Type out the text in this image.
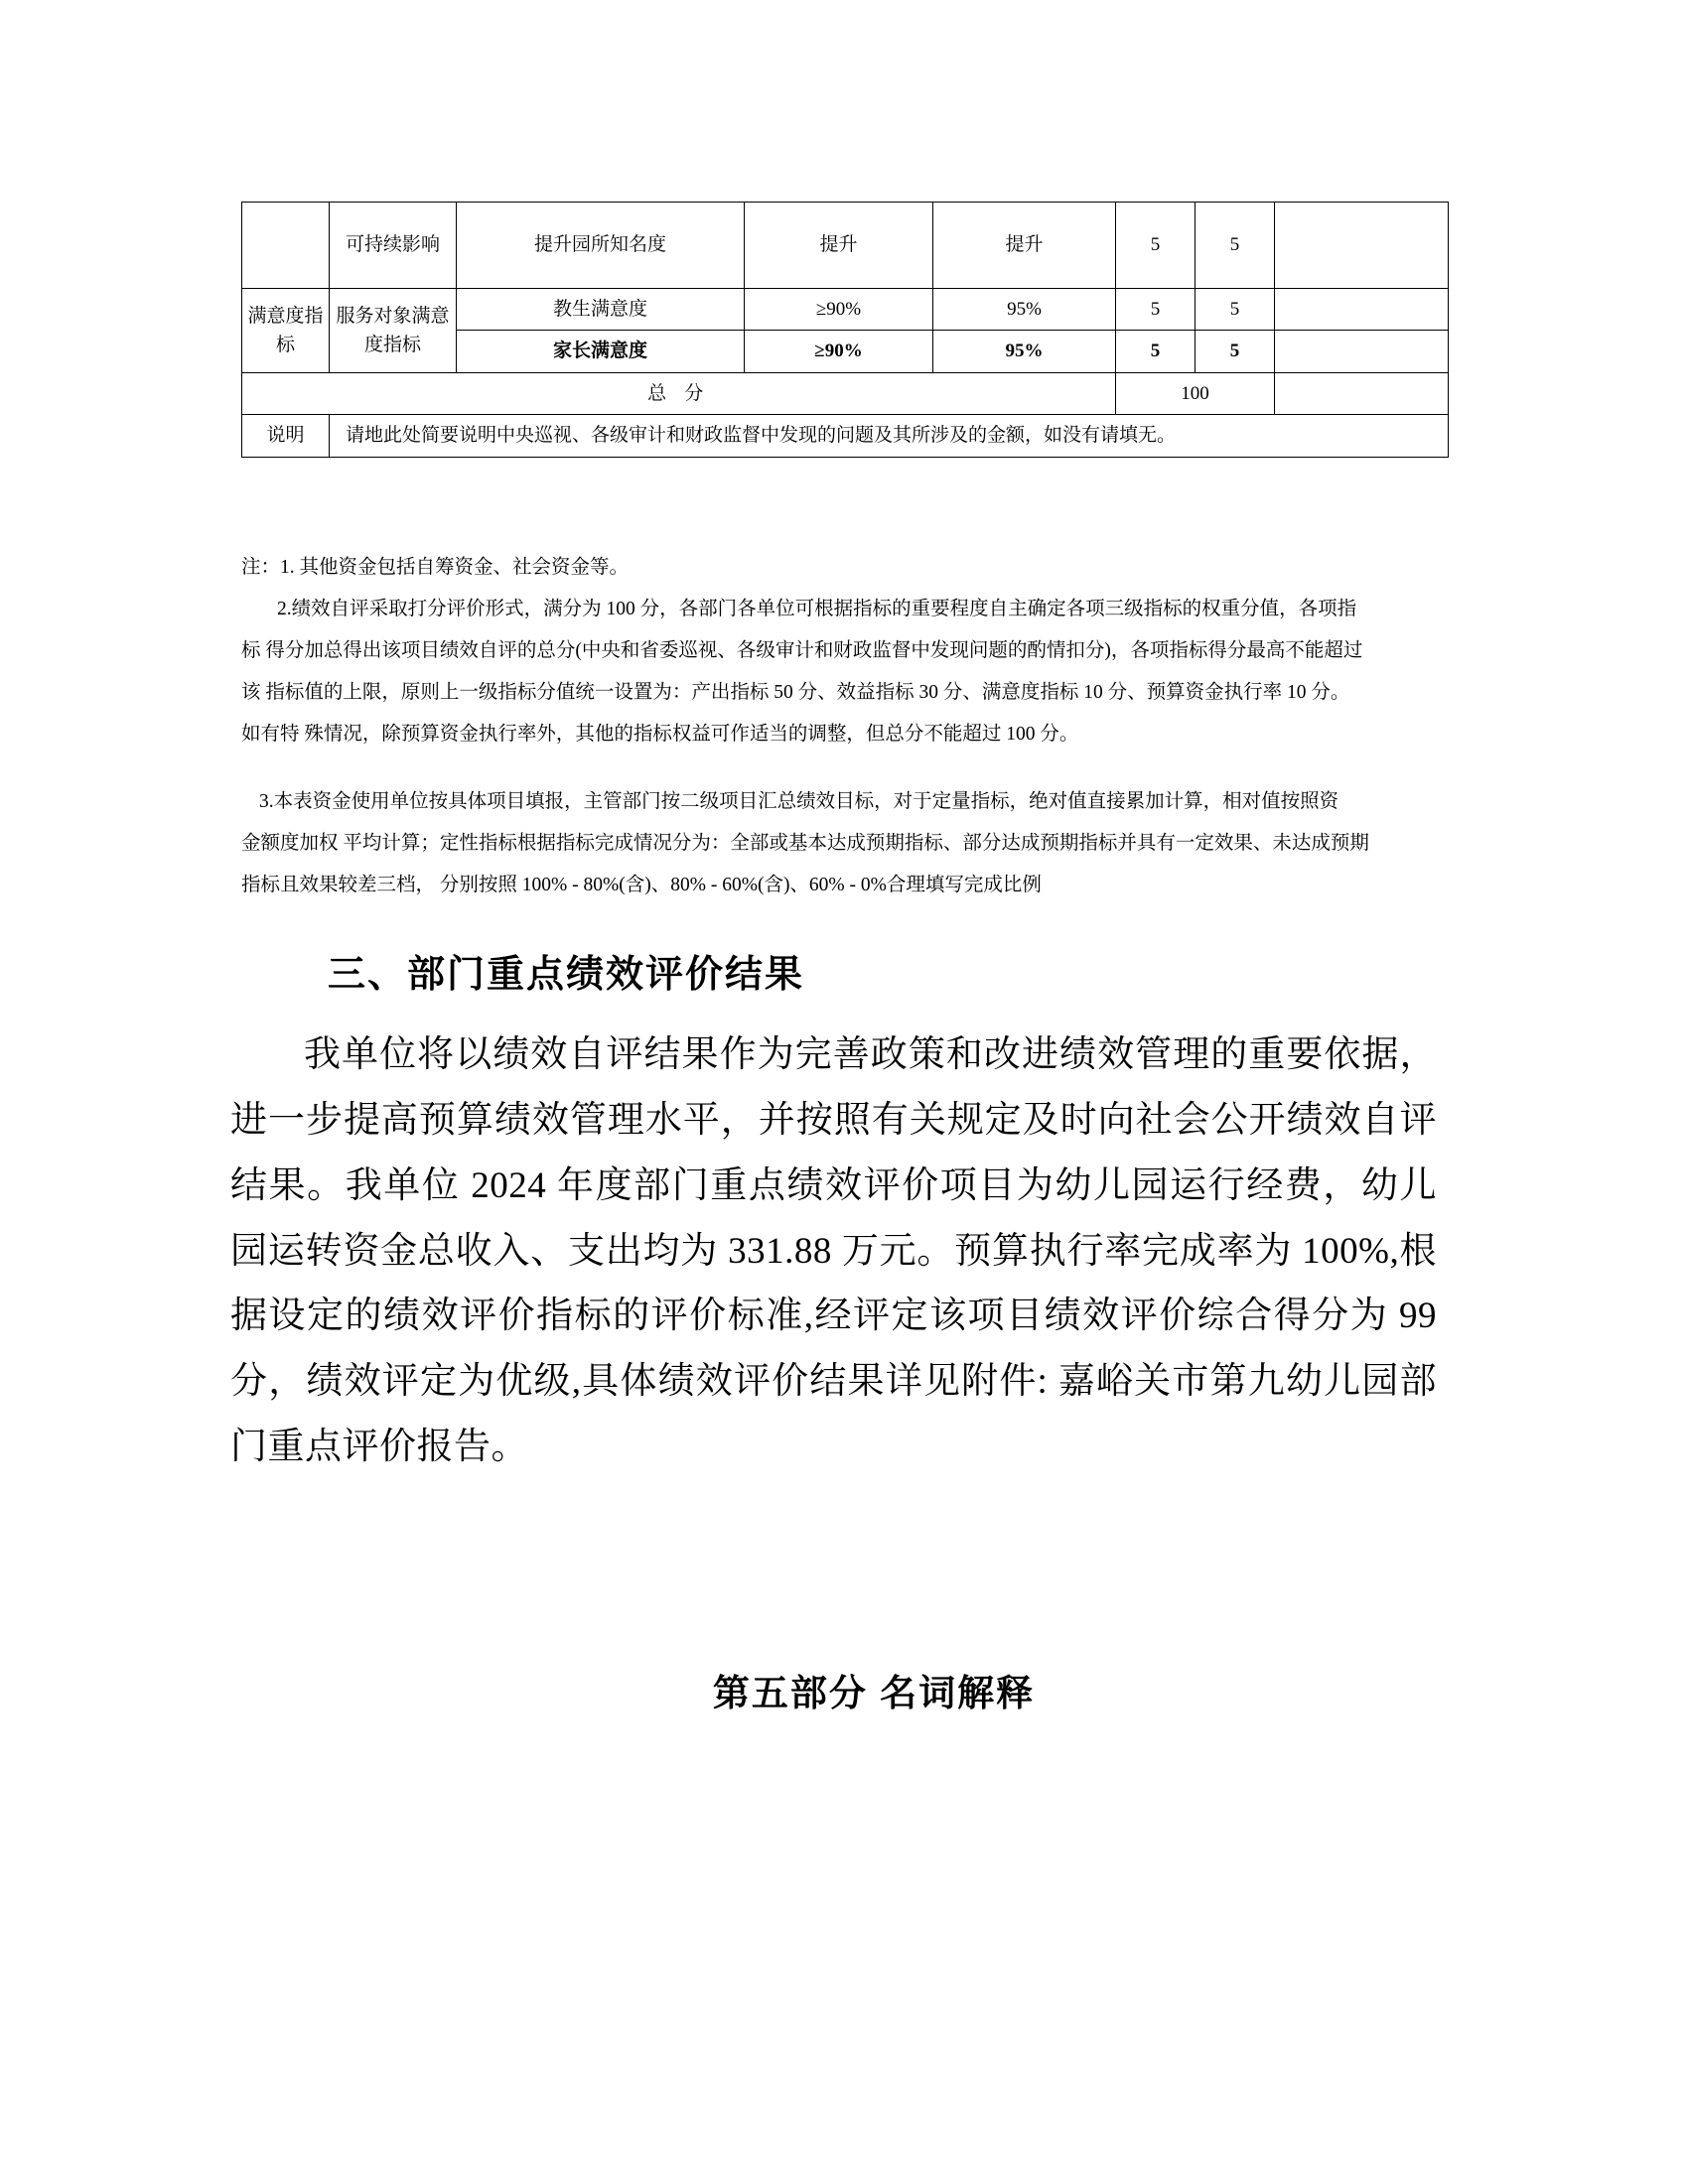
	可持续影响	提升园所知名度	提升	提升	5	5	
满意度指标	服务对象满意度指标	教生满意度	≥90%	95%	5	5	
		家长满意度	≥90%	95%	5	5	
总 分					100		
说明	请地此处简要说明中央巡视、各级审计和财政监督中发现的问题及其所涉及的金额，如没有请填无。						

注：1. 其他资金包括自筹资金、社会资金等。

2.绩效自评采取打分评价形式，满分为 100 分，各部门各单位可根据指标的重要程度自主确定各项三级指标的权重分值，各项指

标 得分加总得出该项目绩效自评的总分(中央和省委巡视、各级审计和财政监督中发现问题的酌情扣分)，各项指标得分最高不能超过

该 指标值的上限，原则上一级指标分值统一设置为：产出指标 50 分、效益指标 30 分、满意度指标 10 分、预算资金执行率 10 分。

如有特 殊情况，除预算资金执行率外，其他的指标权益可作适当的调整，但总分不能超过 100 分。

3.本表资金使用单位按具体项目填报，主管部门按二级项目汇总绩效目标，对于定量指标，绝对值直接累加计算，相对值按照资

金额度加权 平均计算；定性指标根据指标完成情况分为：全部或基本达成预期指标、部分达成预期指标并具有一定效果、未达成预期

指标且效果较差三档， 分别按照 100% - 80%(含)、80% - 60%(含)、60% - 0%合理填写完成比例

三、部门重点绩效评价结果
我单位将以绩效自评结果作为完善政策和改进绩效管理的重要依据，进一步提高预算绩效管理水平，并按照有关规定及时向社会公开绩效自评结果。我单位 2024 年度部门重点绩效评价项目为幼儿园运行经费，幼儿园运转资金总收入、支出均为 331.88 万元。预算执行率完成率为 100%,根据设定的绩效评价指标的评价标准,经评定该项目绩效评价综合得分为 99 分，绩效评定为优级,具体绩效评价结果详见附件: 嘉峪关市第九幼儿园部门重点评价报告。
第五部分 名词解释
